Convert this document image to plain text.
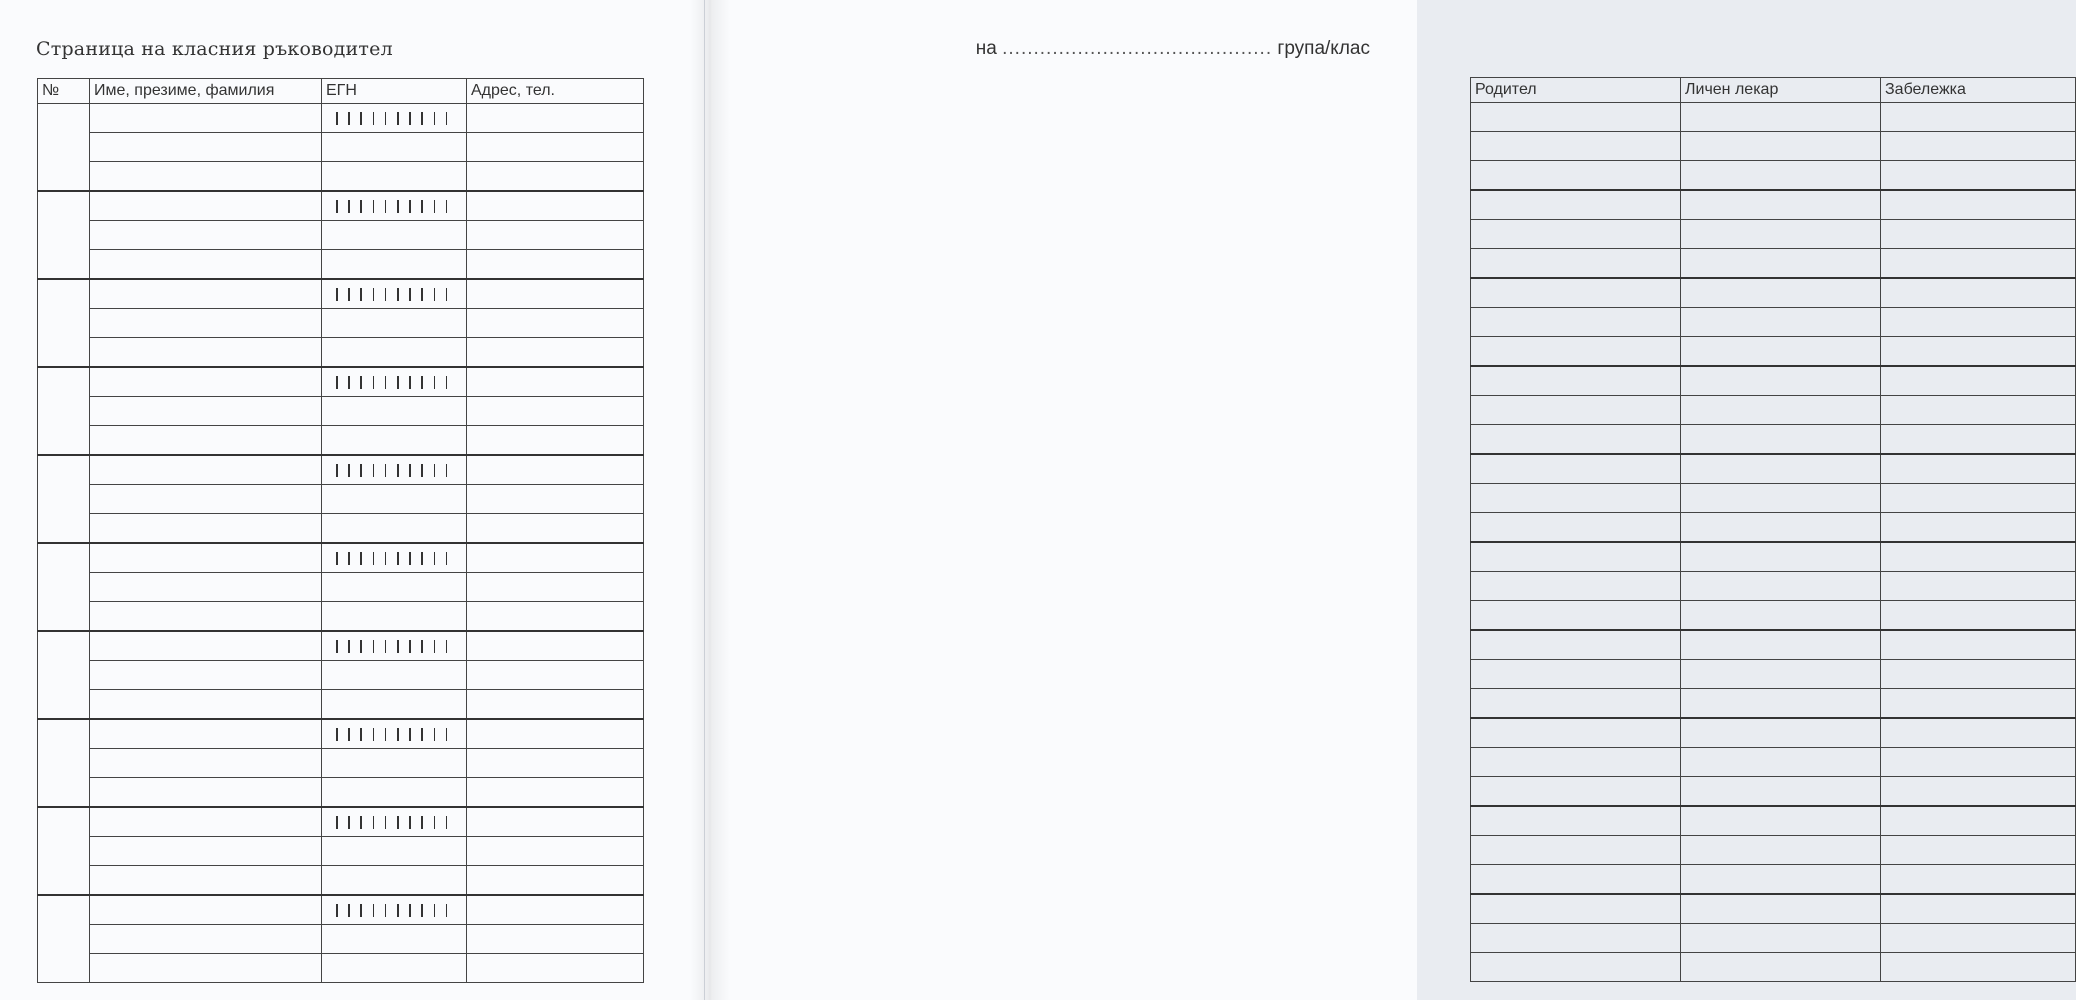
Страница на класния ръководител
№	Име, презиме, фамилия	ЕГН	Адрес, тел.

на ........................................... група/клас
Родител	Личен лекар	Забележка
